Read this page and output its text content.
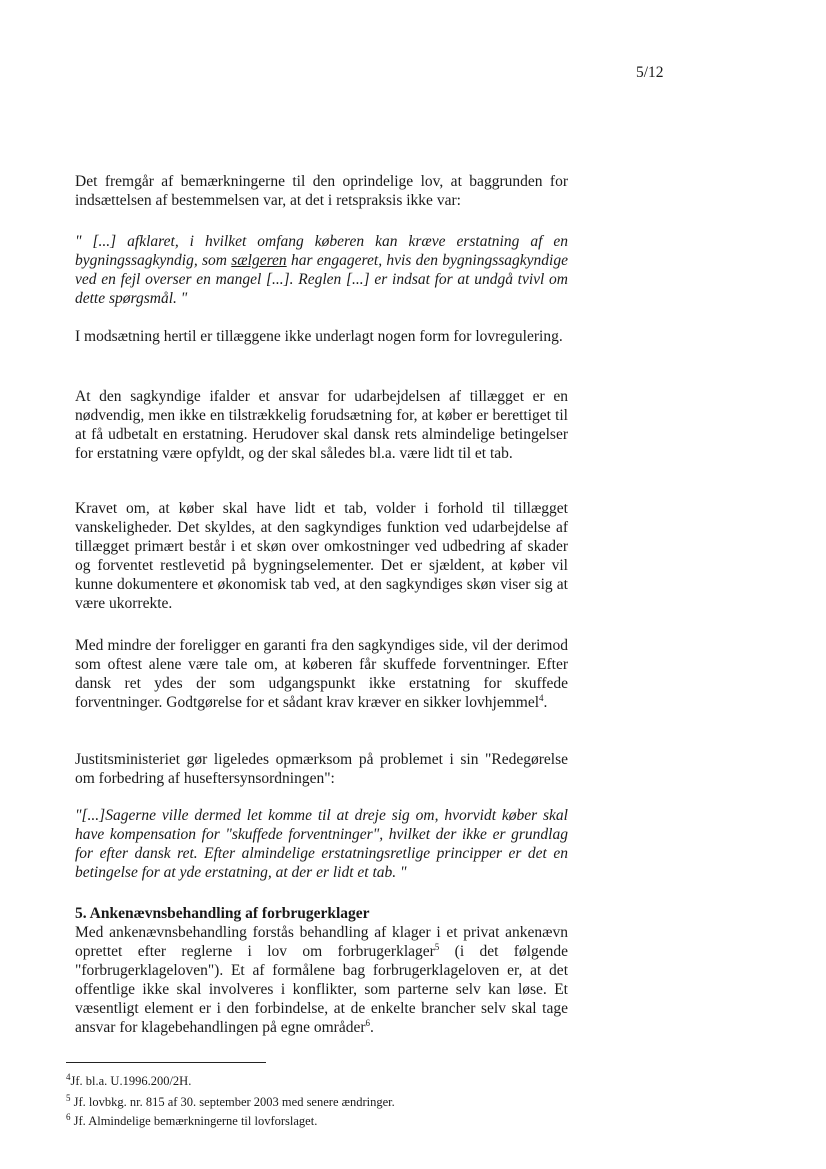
5/12

Det fremgår af bemærkningerne til den oprindelige lov, at baggrunden for indsættelsen af bestemmelsen var, at det i retspraksis ikke var:

" [...] afklaret, i hvilket omfang køberen kan kræve erstatning af en bygningssagkyndig, som sælgeren har engageret, hvis den bygningssagkyndige ved en fejl overser en mangel [...]. Reglen [...] er indsat for at undgå tvivl om dette spørgsmål. "

I modsætning hertil er tillæggene ikke underlagt nogen form for lovregulering.

At den sagkyndige ifalder et ansvar for udarbejdelsen af tillægget er en nødvendig, men ikke en tilstrækkelig forudsætning for, at køber er berettiget til at få udbetalt en erstatning. Herudover skal dansk rets almindelige betingelser for erstatning være opfyldt, og der skal således bl.a. være lidt til et tab.

Kravet om, at køber skal have lidt et tab, volder i forhold til tillægget vanskeligheder. Det skyldes, at den sagkyndiges funktion ved udarbejdelse af tillægget primært består i et skøn over omkostninger ved udbedring af skader og forventet restlevetid på bygningselementer. Det er sjældent, at køber vil kunne dokumentere et økonomisk tab ved, at den sagkyndiges skøn viser sig at være ukorrekte.

Med mindre der foreligger en garanti fra den sagkyndiges side, vil der derimod som oftest alene være tale om, at køberen får skuffede forventninger. Efter dansk ret ydes der som udgangspunkt ikke erstatning for skuffede forventninger. Godtgørelse for et sådant krav kræver en sikker lovhjemmel$^4$.

Justitsministeriet gør ligeledes opmærksom på problemet i sin "Redegørelse om forbedring af huseftersynsordningen":

"[...]Sagerne ville dermed let komme til at dreje sig om, hvorvidt køber skal have kompensation for "skuffede forventninger", hvilket der ikke er grundlag for efter dansk ret. Efter almindelige erstatningsretlige principper er det en betingelse for at yde erstatning, at der er lidt et tab. "

5. Ankenævnsbehandling af forbrugerklager

Med ankenævnsbehandling forstås behandling af klager i et privat ankenævn oprettet efter reglerne i lov om forbrugerklager$^5$ (i det følgende "forbrugerklageloven"). Et af formålene bag forbrugerklageloven er, at det offentlige ikke skal involveres i konflikter, som parterne selv kan løse. Et væsentligt element er i den forbindelse, at de enkelte brancher selv skal tage ansvar for klagebehandlingen på egne områder$^6$.

$^4$Jf. bl.a. U.1996.200/2H.
$^5$ Jf. lovbkg. nr. 815 af 30. september 2003 med senere ændringer.
$^6$ Jf. Almindelige bemærkningerne til lovforslaget.
